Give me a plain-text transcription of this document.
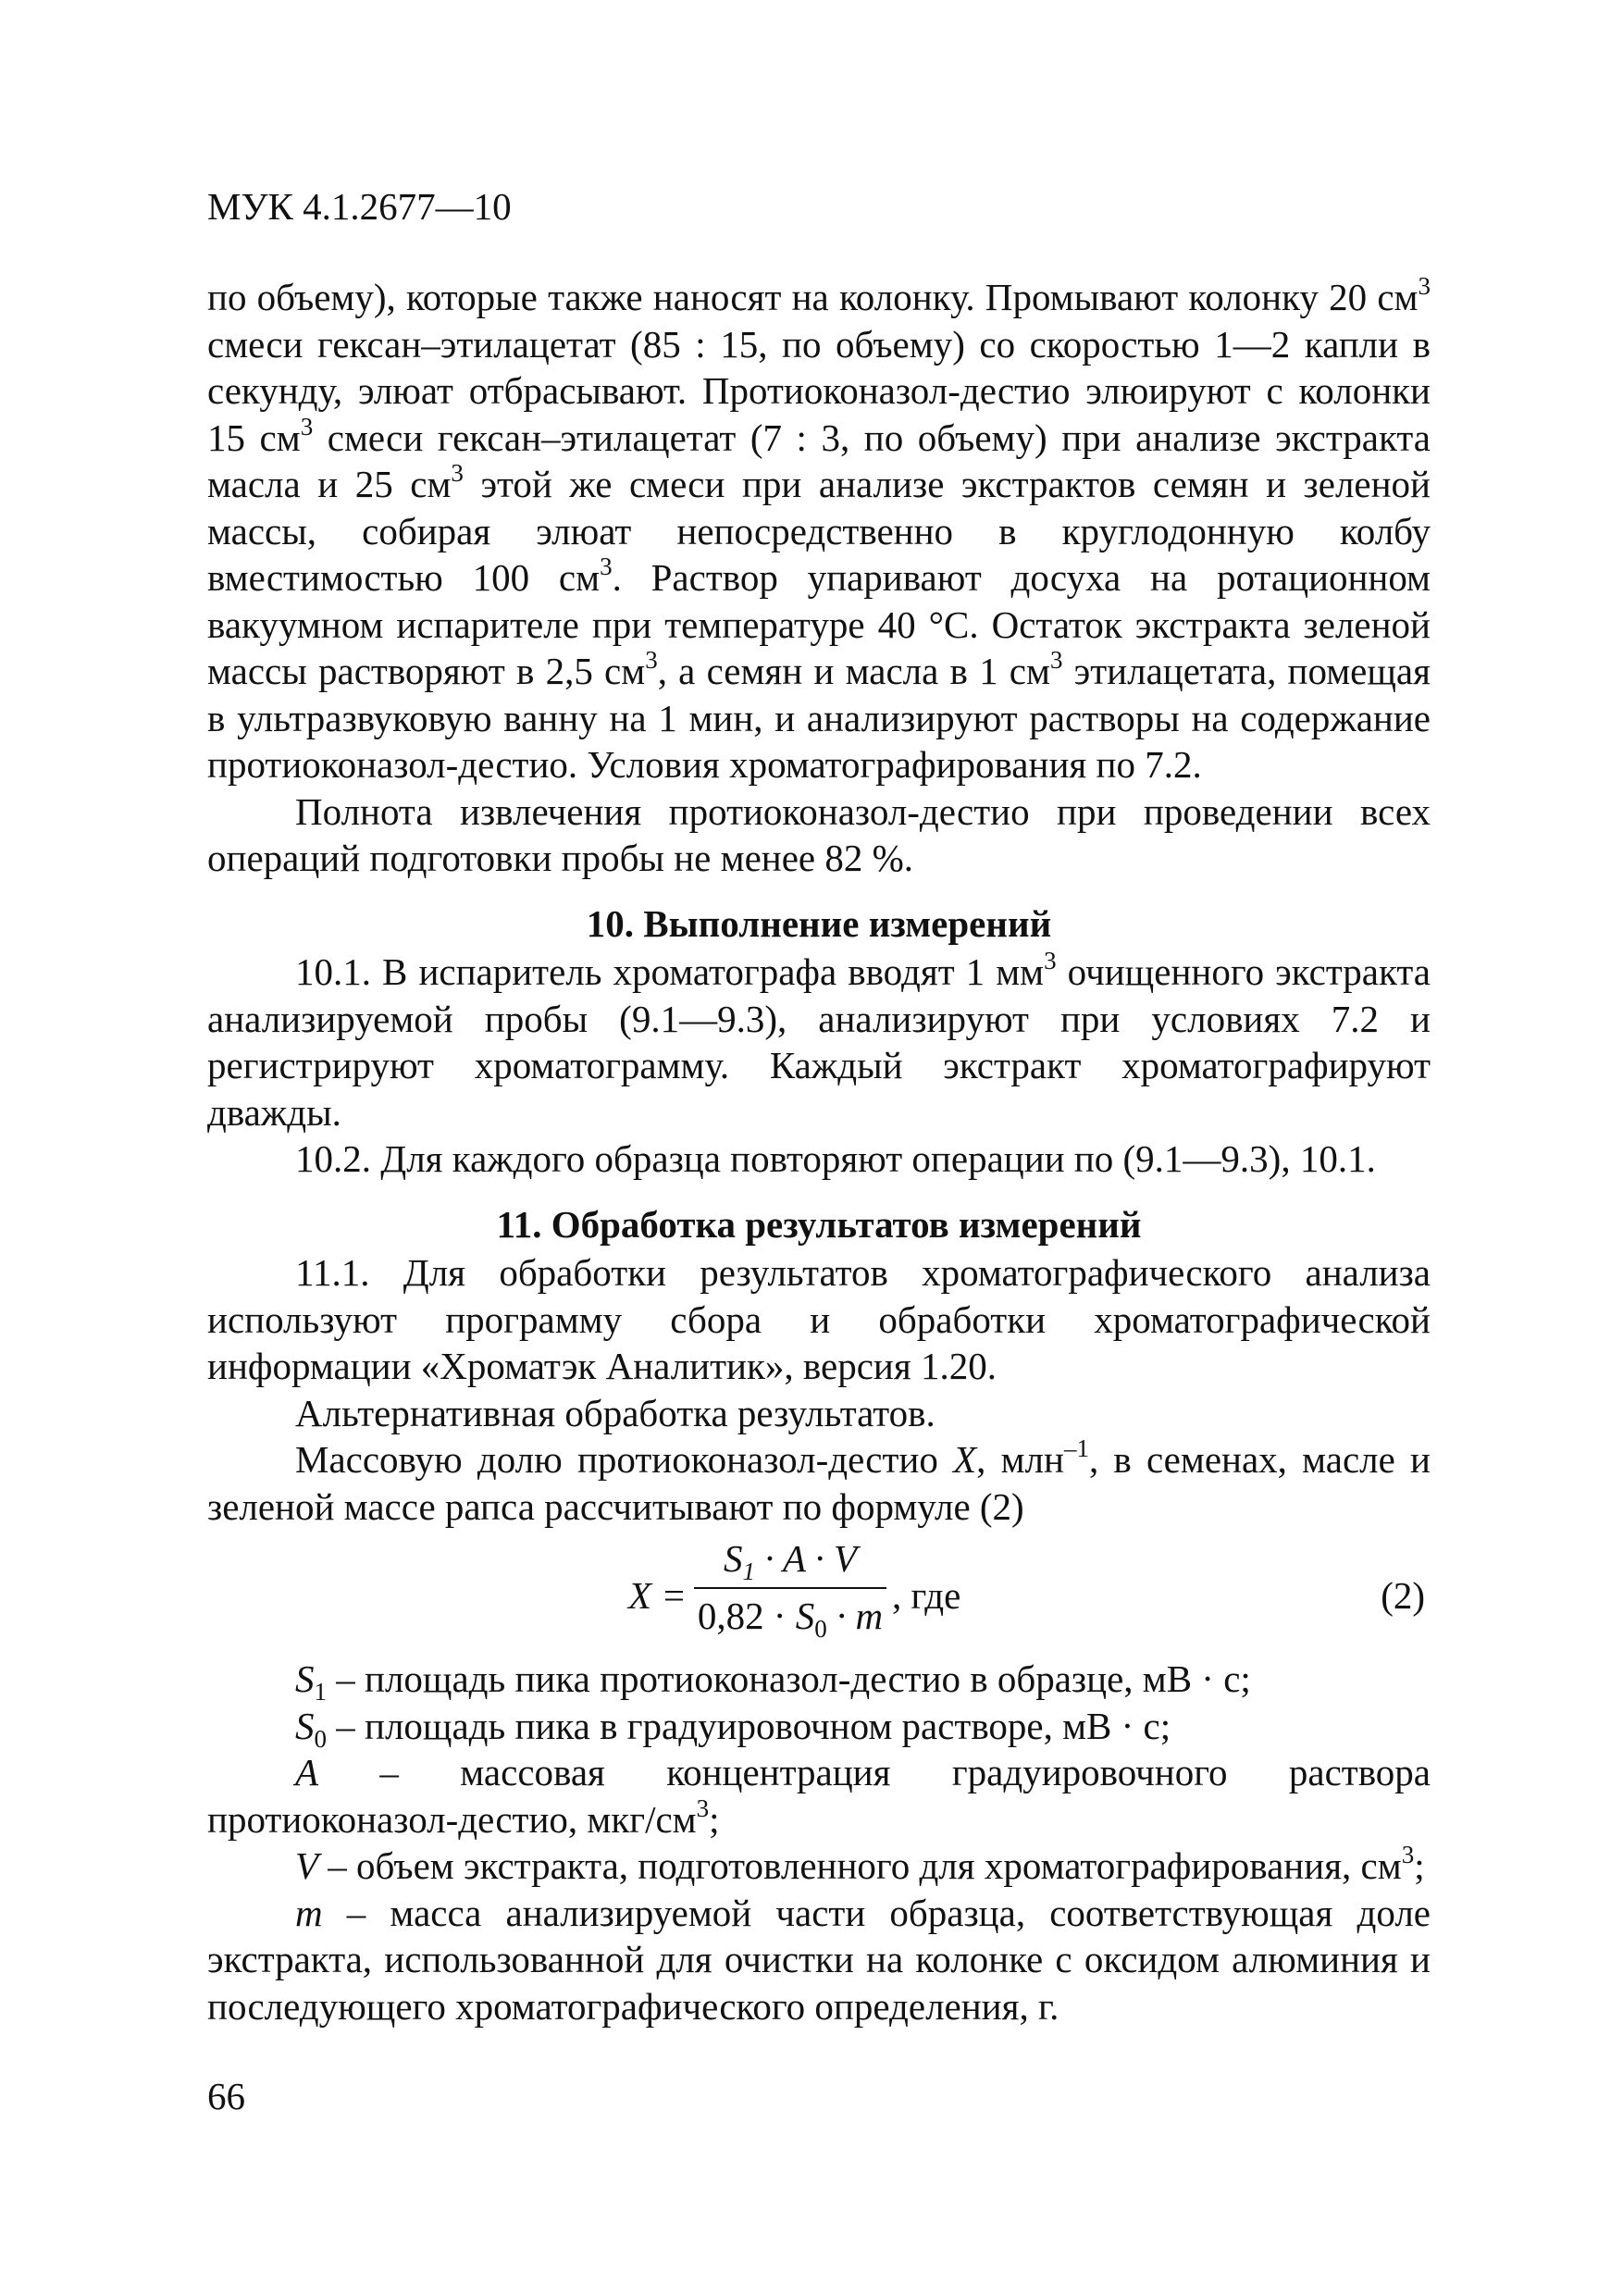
МУК 4.1.2677—10

по объему), которые также наносят на колонку. Промывают колонку 20 $см^3$ смеси гексан–этилацетат (85 : 15, по объему) со скоростью 1—2 капли в секунду, элюат отбрасывают. Протиоконазол-дестио элюируют с колонки 15 $см^3$ смеси гексан–этилацетат (7 : 3, по объему) при анализе экстракта масла и 25 $см^3$ этой же смеси при анализе экстрактов семян и зеленой массы, собирая элюат непосредственно в круглодонную колбу вместимостью 100 $см^3$. Раствор упаривают досуха на ротационном вакуумном испарителе при температуре 40 °С. Остаток экстракта зеленой массы растворяют в 2,5 $см^3$, а семян и масла в 1 $см^3$ этилацетата, помещая в ультразвуковую ванну на 1 мин, и анализируют растворы на содержание протиоконазол-дестио. Условия хроматографирования по 7.2.

Полнота извлечения протиоконазол-дестио при проведении всех операций подготовки пробы не менее 82 %.

10. Выполнение измерений

10.1. В испаритель хроматографа вводят 1 $мм^3$ очищенного экстракта анализируемой пробы (9.1—9.3), анализируют при условиях 7.2 и регистрируют хроматограмму. Каждый экстракт хроматографируют дважды.

10.2. Для каждого образца повторяют операции по (9.1—9.3), 10.1.

11. Обработка результатов измерений

11.1. Для обработки результатов хроматографического анализа используют программу сбора и обработки хроматографической информации «Хроматэк Аналитик», версия 1.20.

Альтернативная обработка результатов.

Массовую долю протиоконазол-дестио X, млн$^{-1}$, в семенах, масле и зеленой массе рапса рассчитывают по формуле (2)

X =
$S_1 \cdot A \cdot V$
$0,82 \cdot S_0 \cdot m$ , где	(2)

$S_1$ – площадь пика протиоконазол-дестио в образце, мВ · с;

$S_0$ – площадь пика в градуировочном растворе, мВ · с;

A – массовая концентрация градуировочного раствора протиоконазол-дестио, мкг/$см^3$;

V – объем экстракта, подготовленного для хроматографирования, $см^3$;

m – масса анализируемой части образца, соответствующая доле экстракта, использованной для очистки на колонке с оксидом алюминия и последующего хроматографического определения, г.

66
